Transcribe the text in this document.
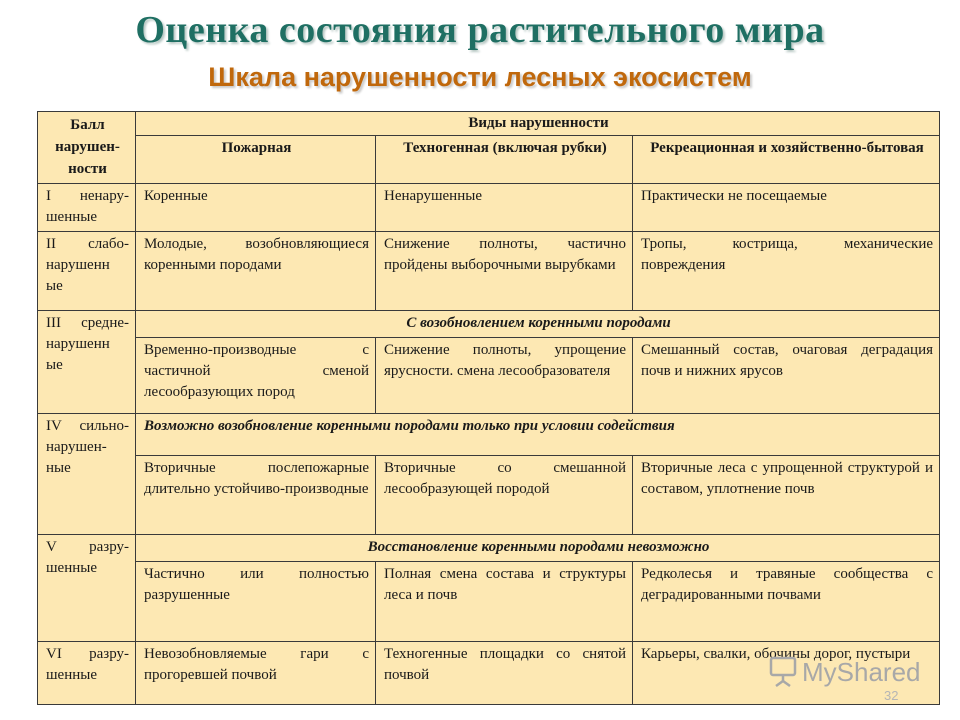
Оценка состояния растительного мира
Шкала нарушенности лесных экосистем
Балл нарушен-ности	Виды нарушенности		
	Пожарная	Техногенная (включая рубки)	Рекреационная и хозяйственно-бытовая
I ненару-шенные	Коренные	Ненарушенные	Практически не посещаемые
II слабо-нарушенн ые	Молодые, возобновляющиеся коренными породами	Снижение полноты, частично пройдены выборочными вырубками	Тропы, кострища, механические повреждения
III средне-нарушенн ые	С возобновлением коренными породами		
	Временно-производные с частичной сменой лесообразующих пород	Снижение полноты, упрощение ярусности. смена лесообразователя	Смешанный состав, очаговая деградация почв и нижних ярусов
IV сильно-нарушен-ные	Возможно возобновление коренными породами только при условии содействия		
	Вторичные послепожарные длительно устойчиво-производные	Вторичные со смешанной лесообразующей породой	Вторичные леса с упрощенной структурой и составом, уплотнение почв
V разру-шенные	Восстановление коренными породами невозможно		
	Частично или полностью разрушенные	Полная смена состава и структуры леса и почв	Редколесья и травяные сообщества с деградированными почвами
VI разру-шенные	Невозобновляемые гари с прогоревшей почвой	Техногенные площадки со снятой почвой	Карьеры, свалки, обочины дорог, пустыри
MyShared
32
